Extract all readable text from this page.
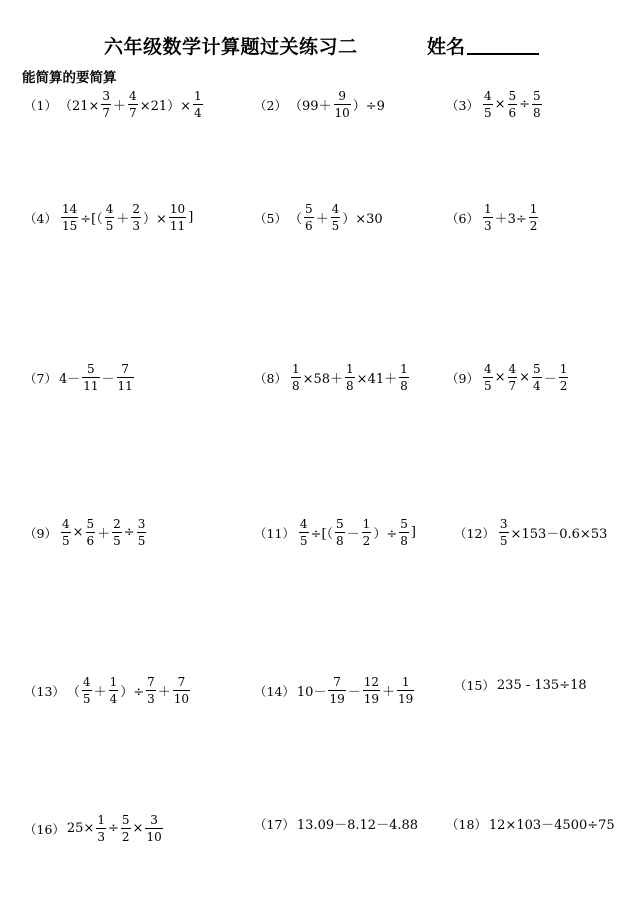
六年级数学计算题过关练习二	姓名
能简算的要简算
（1） $(21\times \frac{3}{7} + \frac{4}{7} \times 21)\times \frac{1}{4}$	（2） $(99+ \frac{9}{10} )\div 9$	$(3) \frac{4}{5} \times \frac{5}{6} \div \frac{5}{8}$
$(4) \frac{14}{15}$ ÷[（ $\frac{4}{5} + \frac{2}{3}$ ）× $\frac{10}{11}$ ]	（5） （ $\frac{5}{6} + \frac{4}{5} )\times 30$	$(6) \frac{1}{3} +3\div \frac{1}{2}$
（7） $4- \frac{5}{11} - \frac{7}{11}$	$(8) \frac{1}{8} \times 58+ \frac{1}{8} \times 41+ \frac{1}{8}$	$(9) \frac{4}{5} \times \frac{4}{7} \times \frac{5}{4} - \frac{1}{2}$
$(9) \frac{4}{5} \times \frac{5}{6} + \frac{2}{5} \div \frac{3}{5}$	$(11) \frac{4}{5}$ ÷[（ $\frac{5}{8} - \frac{1}{2}$ ）÷ $\frac{5}{8}$ ]	$(12) \frac{3}{5} \times 153-0.6\times 53$
（13） （ $\frac{4}{5} + \frac{1}{4}$ ）÷ $\frac{7}{3} + \frac{7}{10}$	（14） $10- \frac{7}{19} - \frac{12}{19} + \frac{1}{19}$	（15） 235 - 135÷18
（16） $25\times \frac{1}{3} \div \frac{5}{2} \times \frac{3}{10}$	（17） 13.09－8.12－4.88 （18） 12×103－4500÷75
